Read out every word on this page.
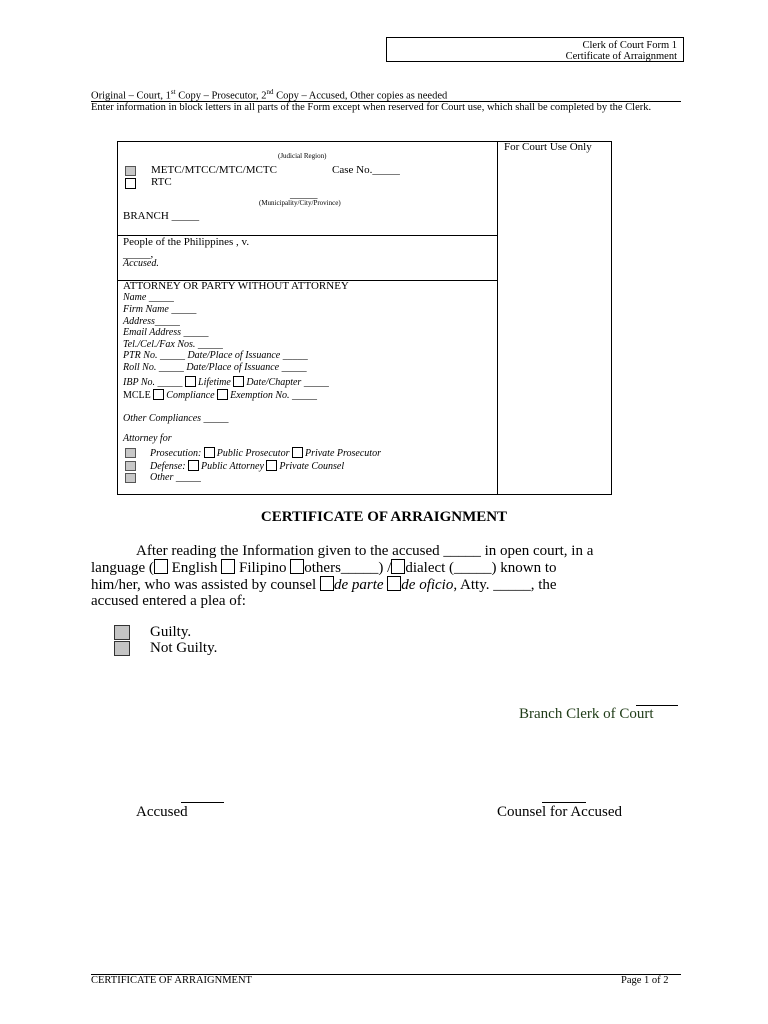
Clerk of Court Form 1
Certificate of Arraignment
Original – Court, 1st Copy – Prosecutor, 2nd Copy – Accused, Other copies as needed
Enter information in block letters in all parts of the Form except when reserved for Court use, which shall be completed by the Clerk.
For Court Use Only
(Judicial Region)
METC/MTCC/MTC/MCTC	Case No._____
RTC
_____
(Municipality/City/Province)
BRANCH _____
People of the Philippines , v.
_____,
Accused.
ATTORNEY OR PARTY WITHOUT ATTORNEY
Name _____
Firm Name _____
Address_____
Email Address _____
Tel./Cel./Fax Nos. _____
PTR No. _____ Date/Place of Issuance _____
Roll No. _____ Date/Place of Issuance _____
IBP No. _____ Lifetime Date/Chapter _____
MCLE Compliance Exemption No. _____
Other Compliances _____
Attorney for
Prosecution: Public Prosecutor Private Prosecutor
Defense: Public Attorney Private Counsel
Other _____
CERTIFICATE OF ARRAIGNMENT
After reading the Information given to the accused _____ in open court, in a
language ( English  Filipino others_____) / dialect (_____) known to
him/her, who was assisted by counsel de parte de oficio, Atty. _____, the
accused entered a plea of:
Guilty.
Not Guilty.
Branch Clerk of Court
Accused	Counsel for Accused
CERTIFICATE OF ARRAIGNMENT	Page 1 of 2
